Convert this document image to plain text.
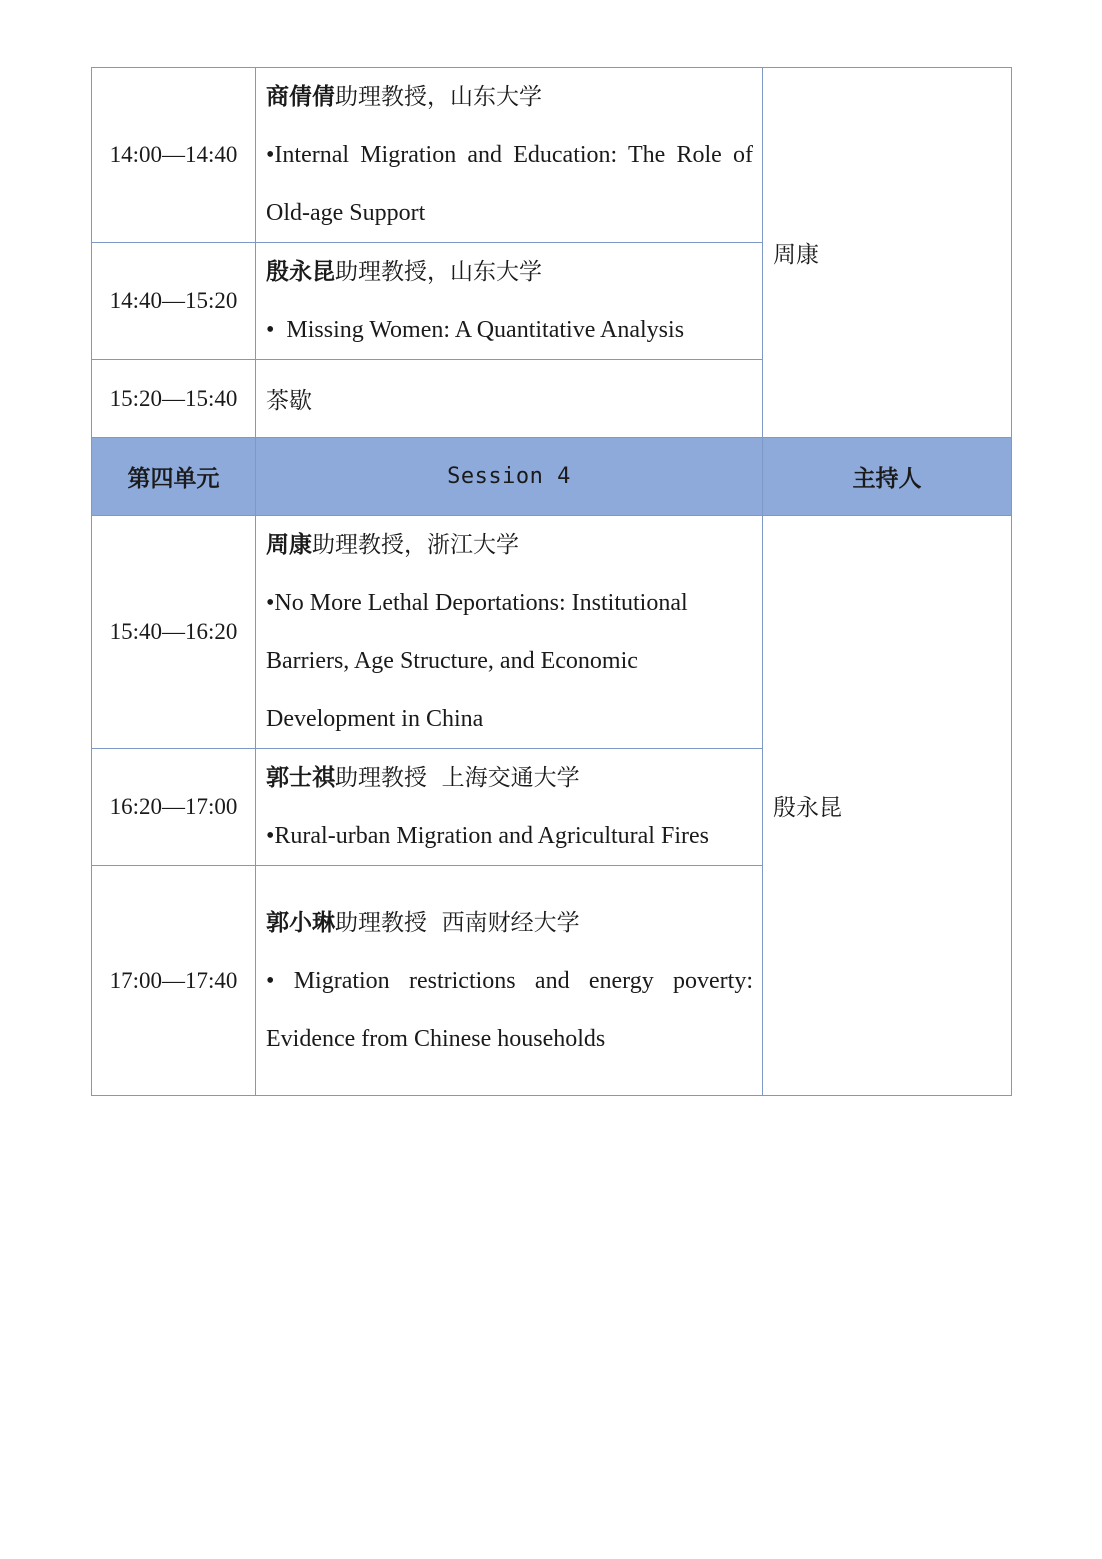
14:00—14:40	商倩倩助理教授，山东大学
•Internal Migration and Education: The Role of Old-age Support	周康
14:40—15:20	殷永昆助理教授，山东大学
•  Missing Women: A Quantitative Analysis	

15:20—15:40	茶歇	
第四单元	Session 4	主持人
15:40—16:20	周康助理教授，浙江大学
•No More Lethal Deportations: Institutional Barriers, Age Structure, and Economic Development in China	殷永昆
16:20—17:00	郭士祺助理教授  上海交通大学
•Rural-urban Migration and Agricultural Fires	

17:00—17:40	郭小琳助理教授  西南财经大学
• Migration restrictions and energy poverty: Evidence from Chinese households	
